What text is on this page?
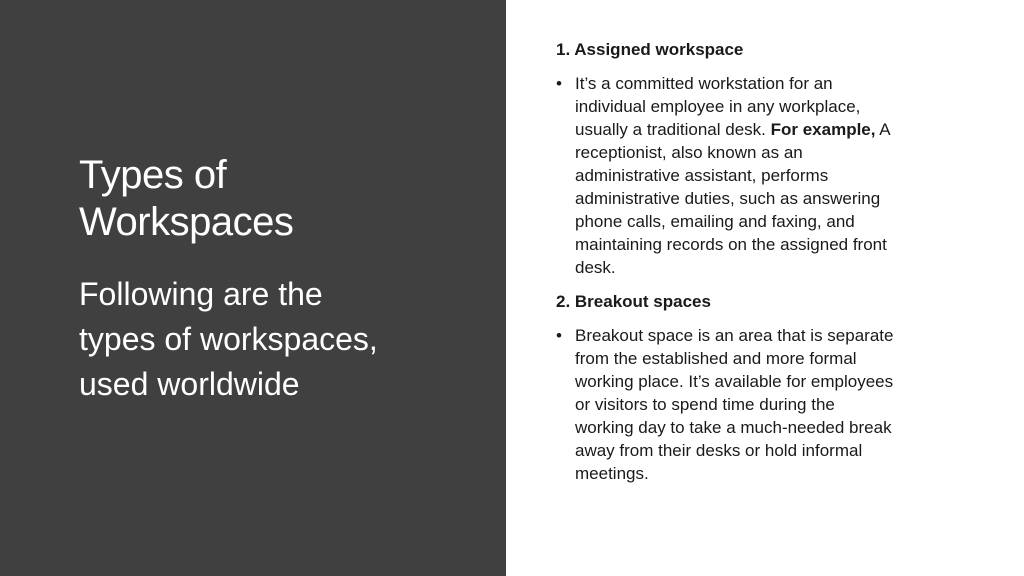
Types of
Workspaces
Following are the
types of workspaces,
used worldwide
1. Assigned workspace
• It’s a committed workstation for an
individual employee in any workplace,
usually a traditional desk. For example, A
receptionist, also known as an
administrative assistant, performs
administrative duties, such as answering
phone calls, emailing and faxing, and
maintaining records on the assigned front
desk.
2. Breakout spaces
• Breakout space is an area that is separate
from the established and more formal
working place. It’s available for employees
or visitors to spend time during the
working day to take a much-needed break
away from their desks or hold informal
meetings.
